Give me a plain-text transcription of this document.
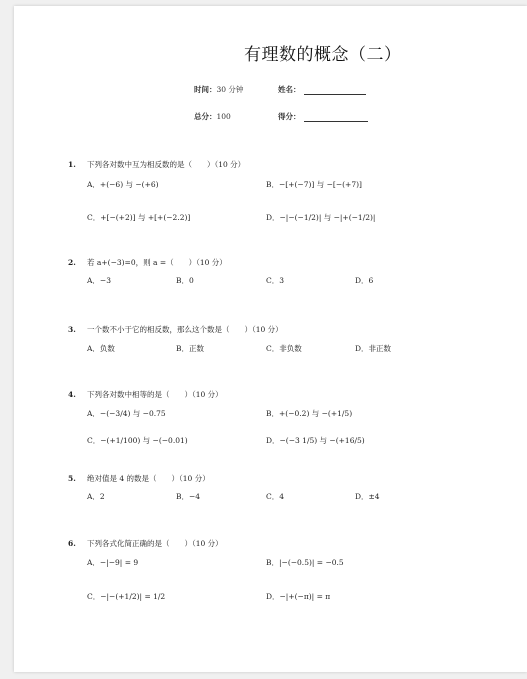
有理数的概念（二）
时间：30 分钟	姓名：
总分：100	得分：
1. 下列各对数中互为相反数的是（　　）（10 分）
A．+(−6) 与 −(+6)	B．−[+(−7)] 与 −[−(+7)]
C．+[−(+2)] 与 +[+(−2.2)]	D．−|−(−1/2)| 与 −|+(−1/2)|
2. 若 a+(−3)=0，则 a =（　　）（10 分）
A．−3	B．0	C．3	D．6
3. 一个数不小于它的相反数，那么这个数是（　　）（10 分）
A．负数	B．正数	C．非负数	D．非正数
4. 下列各对数中相等的是（　　）（10 分）
A．−(−3/4) 与 −0.75	B．+(−0.2) 与 −(+1/5)
C．−(+1/100) 与 −(−0.01)	D．−(−3 1/5) 与 −(+16/5)
5. 绝对值是 4 的数是（　　）（10 分）
A．2	B．−4	C．4	D．±4
6. 下列各式化简正确的是（　　）（10 分）
A．−|−9| = 9	B．|−(−0.5)| = −0.5
C．−|−(+1/2)| = 1/2	D．−|+(−π)| = π
